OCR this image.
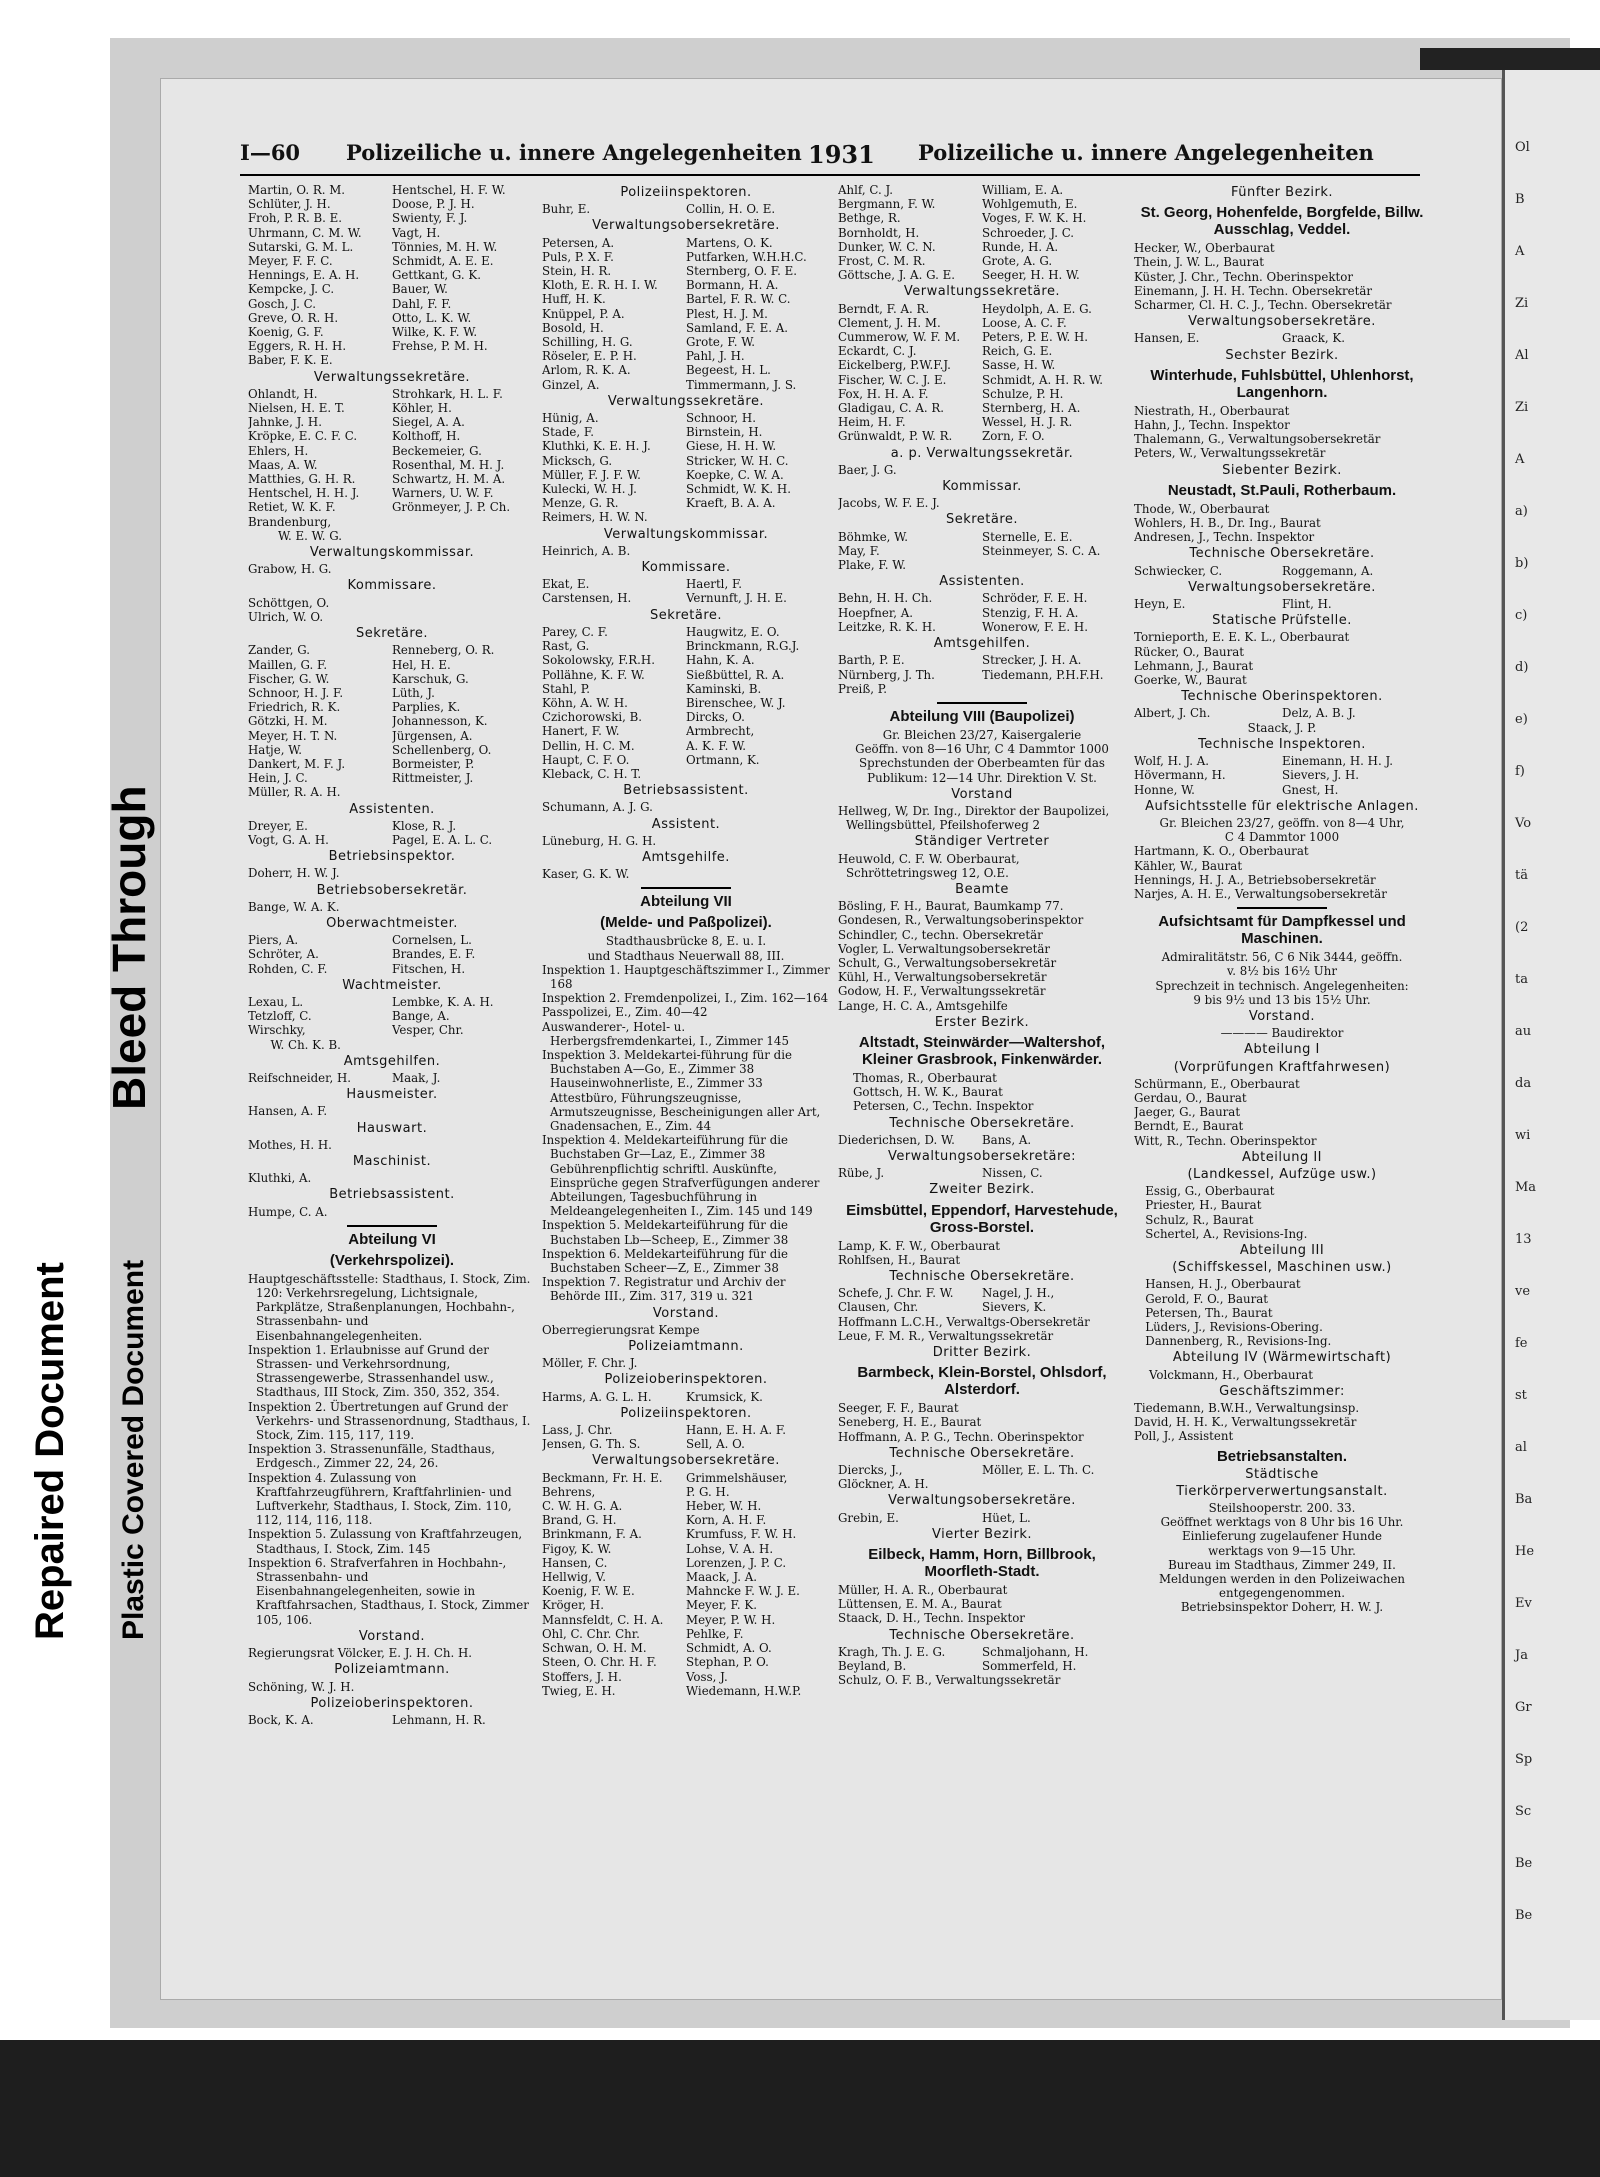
Repaired Document
Bleed Through
Plastic Covered Document
I—60 Polizeiliche u. innere Angelegenheiten 1931 Polizeiliche u. innere Angelegenheiten
Martin, O. R. M.	Hentschel, H. F. W.
Schlüter, J. H.	Doose, P. J. H.
Froh, P. R. B. E.	Swienty, F. J.
Uhrmann, C. M. W.	Vagt, H.
Sutarski, G. M. L.	Tönnies, M. H. W.
Meyer, F. F. C.	Schmidt, A. E. E.
Hennings, E. A. H.	Gettkant, G. K.
Kempcke, J. C.	Bauer, W.
Gosch, J. C.	Dahl, F. F.
Greve, O. R. H.	Otto, L. K. W.
Koenig, G. F.	Wilke, K. F. W.
Eggers, R. H. H.	Frehse, P. M. H.
Baber, F. K. E.
Verwaltungssekretäre.
Ohlandt, H.	Strohkark, H. L. F.
Nielsen, H. E. T.	Köhler, H.
Jahnke, J. H.	Siegel, A. A.
Kröpke, E. C. F. C.	Kolthoff, H.
Ehlers, H.	Beckemeier, G.
Maas, A. W.	Rosenthal, M. H. J.
Matthies, G. H. R.	Schwartz, H. M. A.
Hentschel, H. H. J.	Warners, U. W. F.
Retiet, W. K. F.	Grönmeyer, J. P. Ch.
Brandenburg,
W. E. W. G.
Verwaltungskommissar.
Grabow, H. G.
Kommissare.
Schöttgen, O.
Ulrich, W. O.
Sekretäre.
Zander, G.	Renneberg, O. R.
Maillen, G. F.	Hel, H. E.
Fischer, G. W.	Karschuk, G.
Schnoor, H. J. F.	Lüth, J.
Friedrich, R. K.	Parplies, K.
Götzki, H. M.	Johannesson, K.
Meyer, H. T. N.	Jürgensen, A.
Hatje, W.	Schellenberg, O.
Dankert, M. F. J.	Bormeister, P.
Hein, J. C.	Rittmeister, J.
Müller, R. A. H.
Assistenten.
Dreyer, E.	Klose, R. J.
Vogt, G. A. H.	Pagel, E. A. L. C.
Betriebsinspektor.
Doherr, H. W. J.
Betriebsobersekretär.
Bange, W. A. K.
Oberwachtmeister.
Piers, A.	Cornelsen, L.
Schröter, A.	Brandes, E. F.
Rohden, C. F.	Fitschen, H.
Wachtmeister.
Lexau, L.	Lembke, K. A. H.
Tetzloff, C.	Bange, A.
Wirschky,	Vesper, Chr.
W. Ch. K. B.
Amtsgehilfen.
Reifschneider, H.	Maak, J.
Hausmeister.
Hansen, A. F.
Hauswart.
Mothes, H. H.
Maschinist.
Kluthki, A.
Betriebsassistent.
Humpe, C. A.
Abteilung VI
(Verkehrspolizei).
Hauptgeschäftsstelle: Stadthaus, I. Stock, Zim. 120: Verkehrsregelung, Lichtsignale, Parkplätze, Straßenplanungen, Hochbahn-, Strassenbahn- und Eisenbahnangelegenheiten.
Inspektion 1. Erlaubnisse auf Grund der Strassen- und Verkehrsordnung, Strassengewerbe, Strassenhandel usw., Stadthaus, III Stock, Zim. 350, 352, 354.
Inspektion 2. Übertretungen auf Grund der Verkehrs- und Strassenordnung, Stadthaus, I. Stock, Zim. 115, 117, 119.
Inspektion 3. Strassenunfälle, Stadthaus, Erdgesch., Zimmer 22, 24, 26.
Inspektion 4. Zulassung von Kraftfahrzeugführern, Kraftfahrlinien- und Luftverkehr, Stadthaus, I. Stock, Zim. 110, 112, 114, 116, 118.
Inspektion 5. Zulassung von Kraftfahrzeugen, Stadthaus, I. Stock, Zim. 145
Inspektion 6. Strafverfahren in Hochbahn-, Strassenbahn- und Eisenbahnangelegenheiten, sowie in Kraftfahrsachen, Stadthaus, I. Stock, Zimmer 105, 106.
Vorstand.
Regierungsrat Völcker, E. J. H. Ch. H.
Polizeiamtmann.
Schöning, W. J. H.
Polizeioberinspektoren.
Bock, K. A.	Lehmann, H. R.
Polizeiinspektoren.
Buhr, E.	Collin, H. O. E.
Verwaltungsobersekretäre.
Petersen, A.	Martens, O. K.
Puls, P. X. F.	Putfarken, W.H.H.C.
Stein, H. R.	Sternberg, O. F. E.
Kloth, E. R. H. I. W.	Bormann, H. A.
Huff, H. K.	Bartel, F. R. W. C.
Knüppel, P. A.	Plest, H. J. M.
Bosold, H.	Samland, F. E. A.
Schilling, H. G.	Grote, F. W.
Röseler, E. P. H.	Pahl, J. H.
Arlom, R. K. A.	Begeest, H. L.
Ginzel, A.	Timmermann, J. S.
Verwaltungssekretäre.
Hünig, A.	Schnoor, H.
Stade, F.	Birnstein, H.
Kluthki, K. E. H. J.	Giese, H. H. W.
Micksch, G.	Stricker, W. H. C.
Müller, F. J. F. W.	Koepke, C. W. A.
Kulecki, W. H. J.	Schmidt, W. K. H.
Menze, G. R.	Kraeft, B. A. A.
Reimers, H. W. N.
Verwaltungskommissar.
Heinrich, A. B.
Kommissare.
Ekat, E.	Haertl, F.
Carstensen, H.	Vernunft, J. H. E.
Sekretäre.
Parey, C. F.	Haugwitz, E. O.
Rast, G.	Brinckmann, R.G.J.
Sokolowsky, F.R.H.	Hahn, K. A.
Pollähne, K. F. W.	Sießbüttel, R. A.
Stahl, P.	Kaminski, B.
Köhn, A. W. H.	Birenschee, W. J.
Czichorowski, B.	Dircks, O.
Hanert, F. W.	Armbrecht,
Dellin, H. C. M.	A. K. F. W.
Haupt, C. F. O.	Ortmann, K.
Kleback, C. H. T.
Betriebsassistent.
Schumann, A. J. G.
Assistent.
Lüneburg, H. G. H.
Amtsgehilfe.
Kaser, G. K. W.
Abteilung VII
(Melde- und Paßpolizei).
Stadthausbrücke 8, E. u. I.
und Stadthaus Neuerwall 88, III.
Inspektion 1. Hauptgeschäftszimmer I., Zimmer 168
Inspektion 2. Fremdenpolizei, I., Zim. 162—164
Passpolizei, E., Zim. 40—42
Auswanderer-, Hotel- u. Herbergsfremdenkartei, I., Zimmer 145
Inspektion 3. Meldekartei-führung für die Buchstaben A—Go, E., Zimmer 38 Hauseinwohnerliste, E., Zimmer 33 Attestbüro, Führungszeugnisse, Armutszeugnisse, Bescheinigungen aller Art, Gnadensachen, E., Zim. 44
Inspektion 4. Meldekarteiführung für die Buchstaben Gr—Laz, E., Zimmer 38 Gebührenpflichtig schriftl. Auskünfte, Einsprüche gegen Strafverfügungen anderer Abteilungen, Tagesbuchführung in Meldeangelegenheiten I., Zim. 145 und 149
Inspektion 5. Meldekarteiführung für die Buchstaben Lb—Scheep, E., Zimmer 38
Inspektion 6. Meldekarteiführung für die Buchstaben Scheer—Z, E., Zimmer 38
Inspektion 7. Registratur und Archiv der Behörde III., Zim. 317, 319 u. 321
Vorstand.
Oberregierungsrat Kempe
Polizeiamtmann.
Möller, F. Chr. J.
Polizeioberinspektoren.
Harms, A. G. L. H.	Krumsick, K.
Polizeiinspektoren.
Lass, J. Chr.	Hann, E. H. A. F.
Jensen, G. Th. S.	Sell, A. O.
Verwaltungsobersekretäre.
Beckmann, Fr. H. E.	Grimmelshäuser,
Behrens,	P. G. H.
C. W. H. G. A.	Heber, W. H.
Brand, G. H.	Korn, A. H. F.
Brinkmann, F. A.	Krumfuss, F. W. H.
Figoy, K. W.	Lohse, V. A. H.
Hansen, C.	Lorenzen, J. P. C.
Hellwig, V.	Maack, J. A.
Koenig, F. W. E.	Mahncke F. W. J. E.
Kröger, H.	Meyer, F. K.
Mannsfeldt, C. H. A.	Meyer, P. W. H.
Ohl, C. Chr. Chr.	Pehlke, F.
Schwan, O. H. M.	Schmidt, A. O.
Steen, O. Chr. H. F.	Stephan, P. O.
Stoffers, J. H.	Voss, J.
Twieg, E. H.	Wiedemann, H.W.P.
Ahlf, C. J.	William, E. A.
Bergmann, F. W.	Wohlgemuth, E.
Bethge, R.	Voges, F. W. K. H.
Bornholdt, H.	Schroeder, J. C.
Dunker, W. C. N.	Runde, H. A.
Frost, C. M. R.	Grote, A. G.
Göttsche, J. A. G. E.	Seeger, H. H. W.
Verwaltungssekretäre.
Berndt, F. A. R.	Heydolph, A. E. G.
Clement, J. H. M.	Loose, A. C. F.
Cummerow, W. F. M.	Peters, P. E. W. H.
Eckardt, C. J.	Reich, G. E.
Eickelberg, P.W.F.J.	Sasse, H. W.
Fischer, W. C. J. E.	Schmidt, A. H. R. W.
Fox, H. H. A. F.	Schulze, P. H.
Gladigau, C. A. R.	Sternberg, H. A.
Heim, H. F.	Wessel, H. J. R.
Grünwaldt, P. W. R.	Zorn, F. O.
a. p. Verwaltungssekretär.
Baer, J. G.
Kommissar.
Jacobs, W. F. E. J.
Sekretäre.
Böhmke, W.	Sternelle, E. E.
May, F.	Steinmeyer, S. C. A.
Plake, F. W.
Assistenten.
Behn, H. H. Ch.	Schröder, F. E. H.
Hoepfner, A.	Stenzig, F. H. A.
Leitzke, R. K. H.	Wonerow, F. E. H.
Amtsgehilfen.
Barth, P. E.	Strecker, J. H. A.
Nürnberg, J. Th.	Tiedemann, P.H.F.H.
Preiß, P.
Abteilung VIII (Baupolizei)
Gr. Bleichen 23/27, Kaisergalerie
Geöffn. von 8—16 Uhr, C 4 Dammtor 1000
Sprechstunden der Oberbeamten für das
Publikum: 12—14 Uhr. Direktion V. St.
Vorstand
Hellweg, W, Dr. Ing., Direktor der Baupolizei, Wellingsbüttel, Pfeilshoferweg 2
Ständiger Vertreter
Heuwold, C. F. W. Oberbaurat, Schröttetringsweg 12, O.E.
Beamte
Bösling, F. H., Baurat, Baumkamp 77.
Gondesen, R., Verwaltungsoberinspektor
Schindler, C., techn. Obersekretär
Vogler, L. Verwaltungsobersekretär
Schult, G., Verwaltungsobersekretär
Kühl, H., Verwaltungsobersekretär
Godow, H. F., Verwaltungssekretär
Lange, H. C. A., Amtsgehilfe
Erster Bezirk.
Altstadt, Steinwärder—Waltershof, Kleiner Grasbrook, Finkenwärder.
Thomas, R., Oberbaurat
Gottsch, H. W. K., Baurat
Petersen, C., Techn. Inspektor
Technische Obersekretäre.
Diederichsen, D. W.	Bans, A.
Verwaltungsobersekretäre:
Rübe, J.	Nissen, C.
Zweiter Bezirk.
Eimsbüttel, Eppendorf, Harvestehude, Gross-Borstel.
Lamp, K. F. W., Oberbaurat
Rohlfsen, H., Baurat
Technische Obersekretäre.
Schefe, J. Chr. F. W.	Nagel, J. H.,
Clausen, Chr.	Sievers, K.
Hoffmann L.C.H., Verwaltgs-Obersekretär
Leue, F. M. R., Verwaltungssekretär
Dritter Bezirk.
Barmbeck, Klein-Borstel, Ohlsdorf, Alsterdorf.
Seeger, F. F., Baurat
Seneberg, H. E., Baurat
Hoffmann, A. P. G., Techn. Oberinspektor
Technische Obersekretäre.
Diercks, J.,	Möller, E. L. Th. C.
Glöckner, A. H.
Verwaltungsobersekretäre.
Grebin, E.	Hüet, L.
Vierter Bezirk.
Eilbeck, Hamm, Horn, Billbrook, Moorfleth-Stadt.
Müller, H. A. R., Oberbaurat
Lüttensen, E. M. A., Baurat
Staack, D. H., Techn. Inspektor
Technische Obersekretäre.
Kragh, Th. J. E. G.	Schmaljohann, H.
Beyland, B.	Sommerfeld, H.
Schulz, O. F. B., Verwaltungssekretär
Fünfter Bezirk.
St. Georg, Hohenfelde, Borgfelde, Billw. Ausschlag, Veddel.
Hecker, W., Oberbaurat
Thein, J. W. L., Baurat
Küster, J. Chr., Techn. Oberinspektor
Einemann, J. H. H. Techn. Obersekretär
Scharmer, Cl. H. C. J., Techn. Obersekretär
Verwaltungsobersekretäre.
Hansen, E.	Graack, K.
Sechster Bezirk.
Winterhude, Fuhlsbüttel, Uhlenhorst, Langenhorn.
Niestrath, H., Oberbaurat
Hahn, J., Techn. Inspektor
Thalemann, G., Verwaltungsobersekretär
Peters, W., Verwaltungssekretär
Siebenter Bezirk.
Neustadt, St.Pauli, Rotherbaum.
Thode, W., Oberbaurat
Wohlers, H. B., Dr. Ing., Baurat
Andresen, J., Techn. Inspektor
Technische Obersekretäre.
Schwiecker, C.	Roggemann, A.
Verwaltungsobersekretäre.
Heyn, E.	Flint, H.
Statische Prüfstelle.
Tornieporth, E. E. K. L., Oberbaurat
Rücker, O., Baurat
Lehmann, J., Baurat
Goerke, W., Baurat
Technische Oberinspektoren.
Albert, J. Ch.	Delz, A. B. J.
Staack, J. P.
Technische Inspektoren.
Wolf, H. J. A.	Einemann, H. H. J.
Hövermann, H.	Sievers, J. H.
Honne, W.	Gnest, H.
Aufsichtsstelle für elektrische Anlagen.
Gr. Bleichen 23/27, geöffn. von 8—4 Uhr,
C 4 Dammtor 1000
Hartmann, K. O., Oberbaurat
Kähler, W., Baurat
Hennings, H. J. A., Betriebsobersekretär
Narjes, A. H. E., Verwaltungsobersekretär
Aufsichtsamt für Dampfkessel und Maschinen.
Admiralitätstr. 56, C 6 Nik 3444, geöffn.
v. 8½ bis 16½ Uhr
Sprechzeit in technisch. Angelegenheiten:
9 bis 9½ und 13 bis 15½ Uhr.
Vorstand.
———— Baudirektor
Abteilung I
(Vorprüfungen Kraftfahrwesen)
Schürmann, E., Oberbaurat
Gerdau, O., Baurat
Jaeger, G., Baurat
Berndt, E., Baurat
Witt, R., Techn. Oberinspektor
Abteilung II
(Landkessel, Aufzüge usw.)
Essig, G., Oberbaurat
Priester, H., Baurat
Schulz, R., Baurat
Schertel, A., Revisions-Ing.
Abteilung III
(Schiffskessel, Maschinen usw.)
Hansen, H. J., Oberbaurat
Gerold, F. O., Baurat
Petersen, Th., Baurat
Lüders, J., Revisions-Obering.
Dannenberg, R., Revisions-Ing.
Abteilung IV (Wärmewirtschaft)
Volckmann, H., Oberbaurat
Geschäftszimmer:
Tiedemann, B.W.H., Verwaltungsinsp.
David, H. H. K., Verwaltungssekretär
Poll, J., Assistent
Betriebsanstalten.
Städtische
Tierkörperverwertungsanstalt.
Steilshooperstr. 200. 33.
Geöffnet werktags von 8 Uhr bis 16 Uhr.
Einlieferung zugelaufener Hunde
werktags von 9—15 Uhr.
Bureau im Stadthaus, Zimmer 249, II.
Meldungen werden in den Polizeiwachen
entgegengenommen.
Betriebsinspektor Doherr, H. W. J.
Ol
B
A
Zi
Al
Zi
A
a)
b)
c)
d)
e)
f)
Vo
tä
(2
ta
au
da
wi
Ma
13
ve
fe
st
al
Ba
He
Ev
Ja
Gr
Sp
Sc
Be
Be
